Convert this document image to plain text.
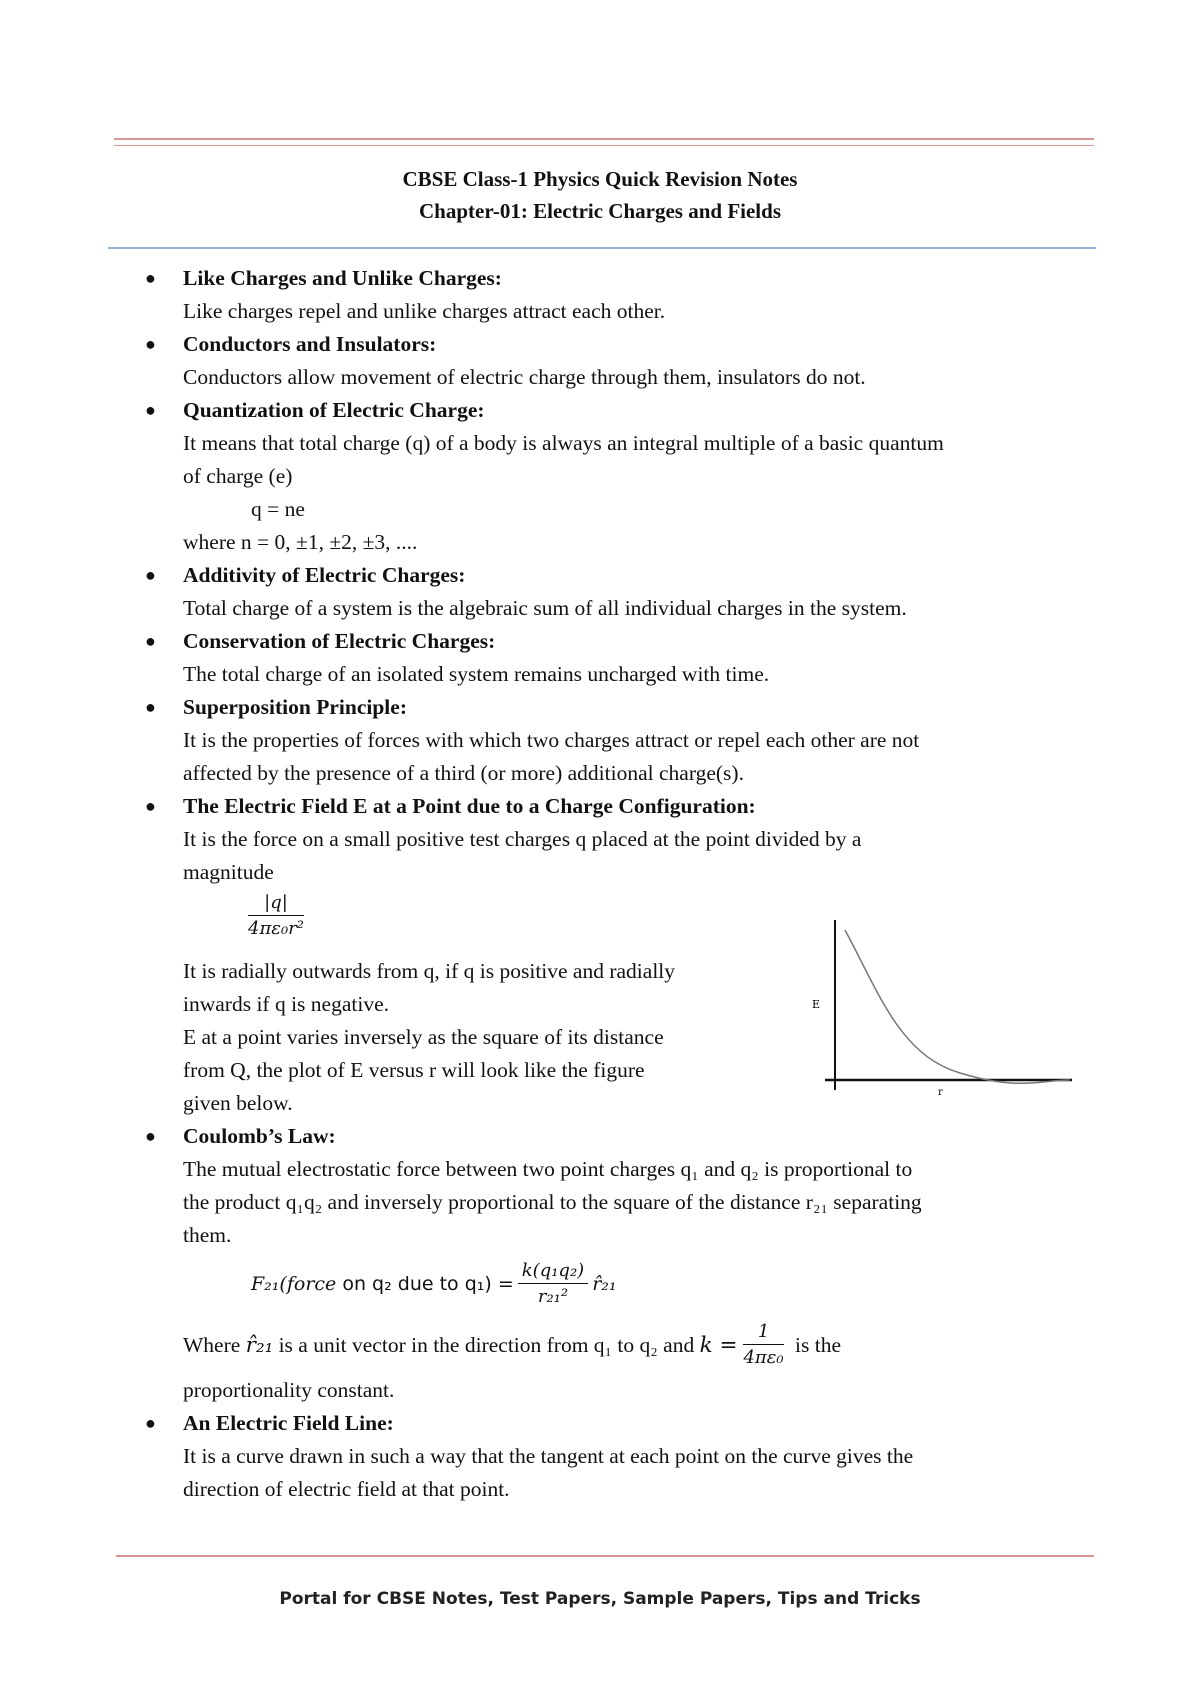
CBSE Class-1 Physics Quick Revision Notes
Chapter-01: Electric Charges and Fields
● Like Charges and Unlike Charges:
Like charges repel and unlike charges attract each other.
● Conductors and Insulators:
Conductors allow movement of electric charge through them, insulators do not.
● Quantization of Electric Charge:
It means that total charge (q) of a body is always an integral multiple of a basic quantum
of charge (e)
q = ne
where n = 0, ±1, ±2, ±3, ....
● Additivity of Electric Charges:
Total charge of a system is the algebraic sum of all individual charges in the system.
● Conservation of Electric Charges:
The total charge of an isolated system remains uncharged with time.
● Superposition Principle:
It is the properties of forces with which two charges attract or repel each other are not
affected by the presence of a third (or more) additional charge(s).
● The Electric Field E at a Point due to a Charge Configuration:
It is the force on a small positive test charges q placed at the point divided by a
magnitude
$\frac{|q|}{\text{4πε₀r²}}$
It is radially outwards from q, if q is positive and radially
inwards if q is negative.
E at a point varies inversely as the square of its distance
from Q, the plot of E versus r will look like the figure
given below.
● Coulomb’s Law:
The mutual electrostatic force between two point charges q₁ and q₂ is proportional to
the product q₁q₂ and inversely proportional to the square of the distance r₂₁ separating
them.
F₂₁( force on q₂ due to $q_1) = \frac{\text{k(q₁q₂)}}{\text{r₂₁²}}$ r̂₂₁
Where r̂₂₁ is a unit vector in the direction from q₁ to q₂ and $k = \frac{1}{\text{4πε₀}}$ is the
proportionality constant.
● An Electric Field Line:
It is a curve drawn in such a way that the tangent at each point on the curve gives the
direction of electric field at that point.
E
r
Portal for CBSE Notes, Test Papers, Sample Papers, Tips and Tricks
